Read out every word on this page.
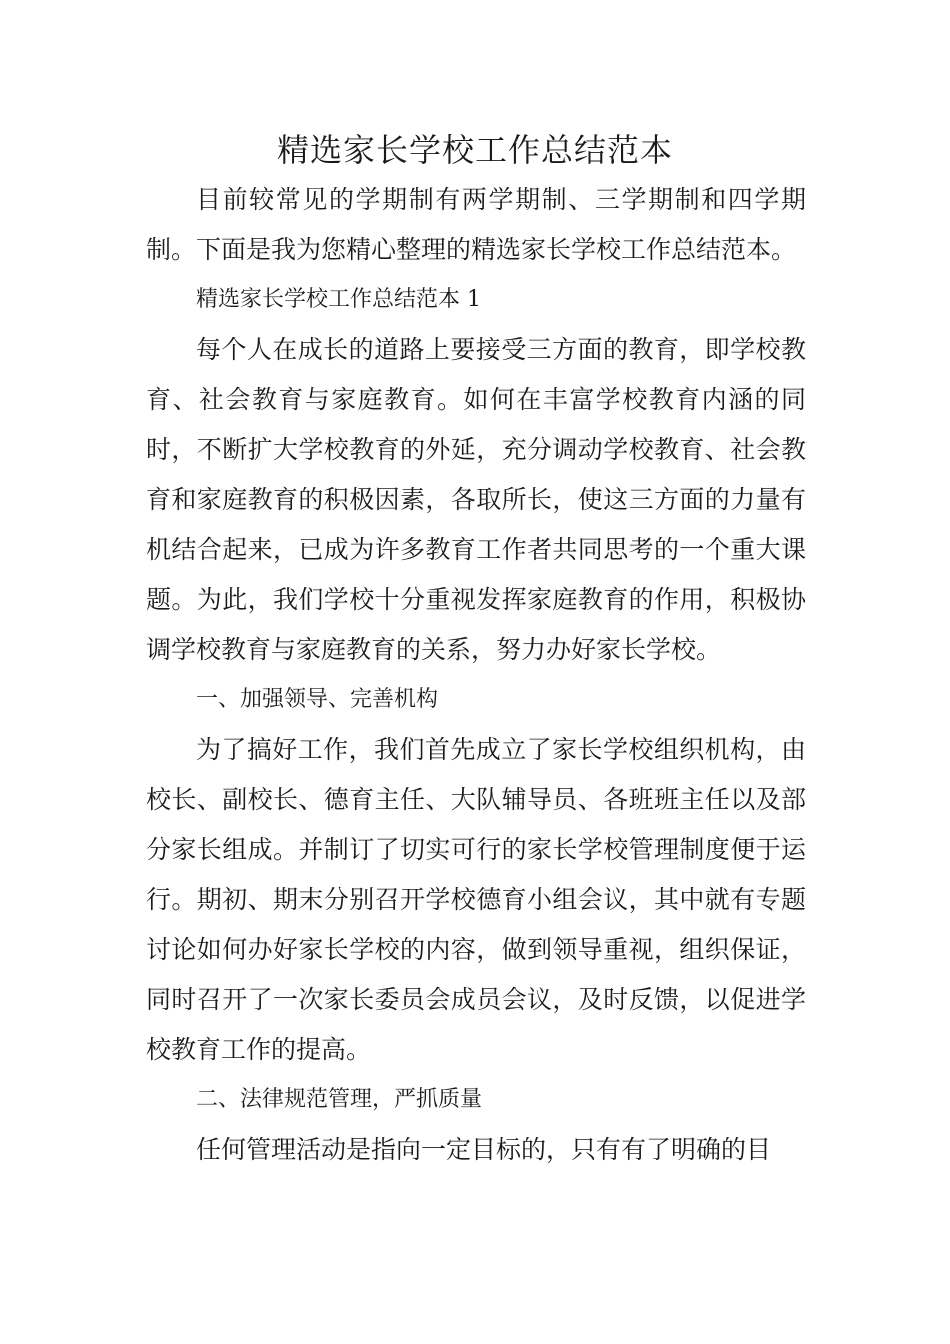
精选家长学校工作总结范本

目前较常见的学期制有两学期制、三学期制和四学期制。下面是我为您精心整理的精选家长学校工作总结范本。

精选家长学校工作总结范本 1

每个人在成长的道路上要接受三方面的教育，即学校教育、社会教育与家庭教育。如何在丰富学校教育内涵的同时，不断扩大学校教育的外延，充分调动学校教育、社会教育和家庭教育的积极因素，各取所长，使这三方面的力量有机结合起来，已成为许多教育工作者共同思考的一个重大课题。为此，我们学校十分重视发挥家庭教育的作用，积极协调学校教育与家庭教育的关系，努力办好家长学校。

一、加强领导、完善机构

为了搞好工作，我们首先成立了家长学校组织机构，由校长、副校长、德育主任、大队辅导员、各班班主任以及部分家长组成。并制订了切实可行的家长学校管理制度便于运行。期初、期末分别召开学校德育小组会议，其中就有专题讨论如何办好家长学校的内容，做到领导重视，组织保证，同时召开了一次家长委员会成员会议，及时反馈，以促进学校教育工作的提高。

二、法律规范管理，严抓质量

任何管理活动是指向一定目标的，只有有了明确的目
